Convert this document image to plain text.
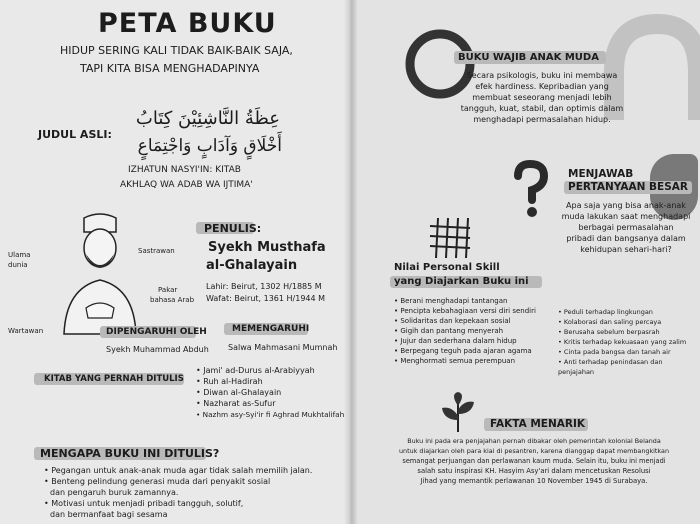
PETA BUKU
HIDUP SERING KALI TIDAK BAIK-BAIK SAJA,
TAPI KITA BISA MENGHADAPINYA
JUDUL ASLI:
عِظَةُ النَّاشِئِيْنَ كِتَابُ
أَخْلَاقٍ وَآدَابٍ وَاجْتِمَاعٍ
IZHATUN NASYI'IN: KITAB
AKHLAQ WA ADAB WA IJTIMA'
Ulama
dunia
Sastrawan
Pakar
bahasa Arab
Wartawan
PENULIS:
Syekh Musthafa
al-Ghalayain
Lahir: Beirut, 1302 H/1885 M
Wafat: Beirut, 1361 H/1944 M
DIPENGARUHI OLEH
Syekh Muhammad Abduh
MEMENGARUHI
Salwa Mahmasani Mumnah
KITAB YANG PERNAH DITULIS
• Jami' ad-Durus al-Arabiyyah
• Ruh al-Hadirah
• Diwan al-Ghalayain
• Nazharat as-Sufur
• Nazhm asy-Syi'ir fi Aghrad Mukhtalifah
MENGAPA BUKU INI DITULIS?
• Pegangan untuk anak-anak muda agar tidak salah memilih jalan.
• Benteng pelindung generasi muda dari penyakit sosial
dan pengaruh buruk zamannya.
• Motivasi untuk menjadi pribadi tangguh, solutif,
dan bermanfaat bagi sesama
BUKU WAJIB ANAK MUDA
Secara psikologis, buku ini membawa
efek hardiness. Kepribadian yang
membuat seseorang menjadi lebih
tangguh, kuat, stabil, dan optimis dalam
menghadapi permasalahan hidup.
MENJAWAB
PERTANYAAN BESAR
Apa saja yang bisa anak-anak
muda lakukan saat menghadapi
berbagai permasalahan
pribadi dan bangsanya dalam
kehidupan sehari-hari?
Nilai Personal Skill
yang Diajarkan Buku ini
• Berani menghadapi tantangan
• Pencipta kebahagiaan versi diri sendiri
• Solidaritas dan kepekaan sosial
• Gigih dan pantang menyerah
• Jujur dan sederhana dalam hidup
• Berpegang teguh pada ajaran agama
• Menghormati semua perempuan
• Peduli terhadap lingkungan
• Kolaborasi dan saling percaya
• Berusaha sebelum berpasrah
• Kritis terhadap kekuasaan yang zalim
• Cinta pada bangsa dan tanah air
• Anti terhadap penindasan dan penjajahan
FAKTA MENARIK
Buku ini pada era penjajahan pernah dibakar oleh pemerintah kolonial Belanda
untuk diajarkan oleh para kiai di pesantren, karena dianggap dapat membangkitkan
semangat perjuangan dan perlawanan kaum muda. Selain itu, buku ini menjadi
salah satu inspirasi KH. Hasyim Asy'ari dalam mencetuskan Resolusi
Jihad yang memantik perlawanan 10 November 1945 di Surabaya.
